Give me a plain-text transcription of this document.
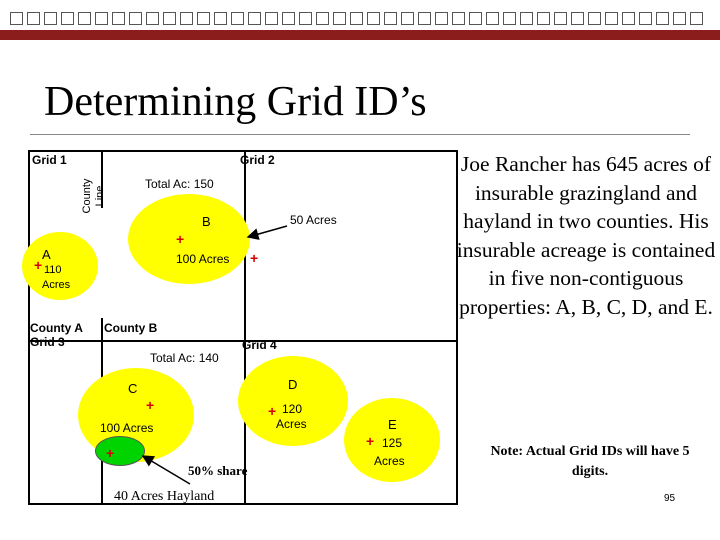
Determining Grid ID’s
Grid 1	Grid 2
Grid 3	Grid 4
County A County B
County Line
Total Ac: 150
Total Ac: 140
A
+ 110
Acres
B
+
100 Acres +
50 Acres
C
+
100 Acres
+
50% share
40 Acres Hayland
D
+ 120
Acres	E
+ 125
Acres
Joe Rancher has 645 acres of insurable grazingland and hayland in two counties. His insurable acreage is contained in five non-contiguous properties: A, B, C, D, and E.
Note: Actual Grid IDs will have 5 digits.
95
